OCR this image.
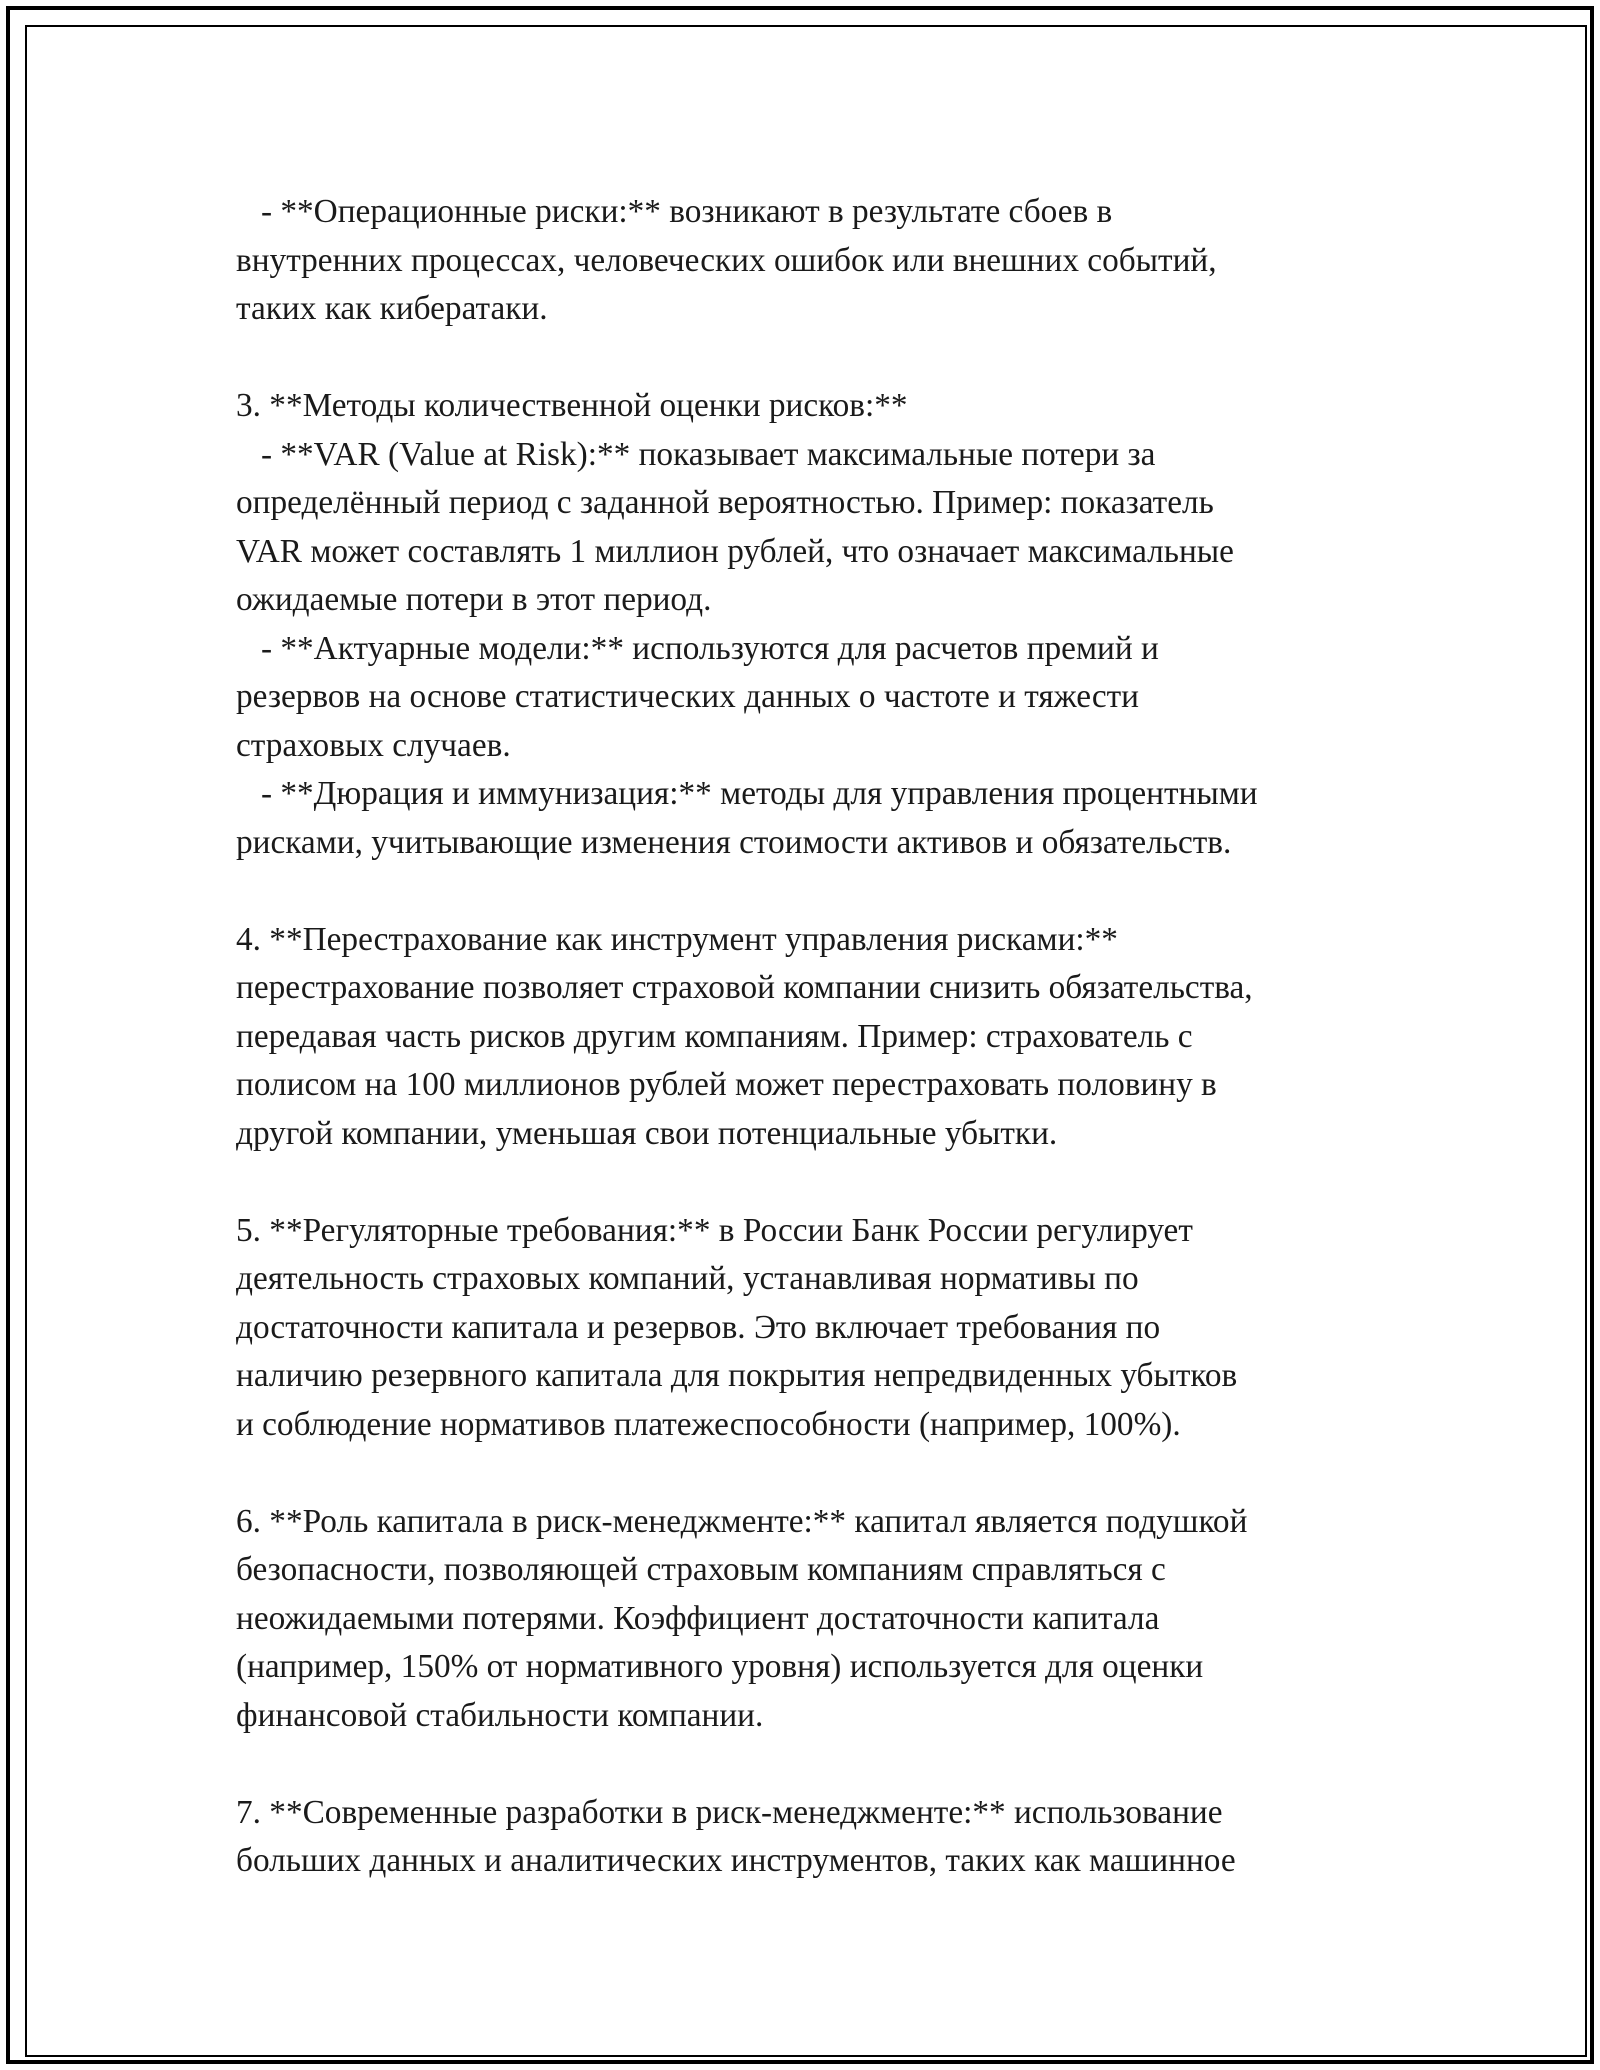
- **Операционные риски:** возникают в результате сбоев в
внутренних процессах, человеческих ошибок или внешних событий,
таких как кибератаки.
3. **Методы количественной оценки рисков:**
- **VAR (Value at Risk):** показывает максимальные потери за
определённый период с заданной вероятностью. Пример: показатель
VAR может составлять 1 миллион рублей, что означает максимальные
ожидаемые потери в этот период.
- **Актуарные модели:** используются для расчетов премий и
резервов на основе статистических данных о частоте и тяжести
страховых случаев.
- **Дюрация и иммунизация:** методы для управления процентными
рисками, учитывающие изменения стоимости активов и обязательств.
4. **Перестрахование как инструмент управления рисками:**
перестрахование позволяет страховой компании снизить обязательства,
передавая часть рисков другим компаниям. Пример: страхователь с
полисом на 100 миллионов рублей может перестраховать половину в
другой компании, уменьшая свои потенциальные убытки.
5. **Регуляторные требования:** в России Банк России регулирует
деятельность страховых компаний, устанавливая нормативы по
достаточности капитала и резервов. Это включает требования по
наличию резервного капитала для покрытия непредвиденных убытков
и соблюдение нормативов платежеспособности (например, 100%).
6. **Роль капитала в риск-менеджменте:** капитал является подушкой
безопасности, позволяющей страховым компаниям справляться с
неожидаемыми потерями. Коэффициент достаточности капитала
(например, 150% от нормативного уровня) используется для оценки
финансовой стабильности компании.
7. **Современные разработки в риск-менеджменте:** использование
больших данных и аналитических инструментов, таких как машинное
